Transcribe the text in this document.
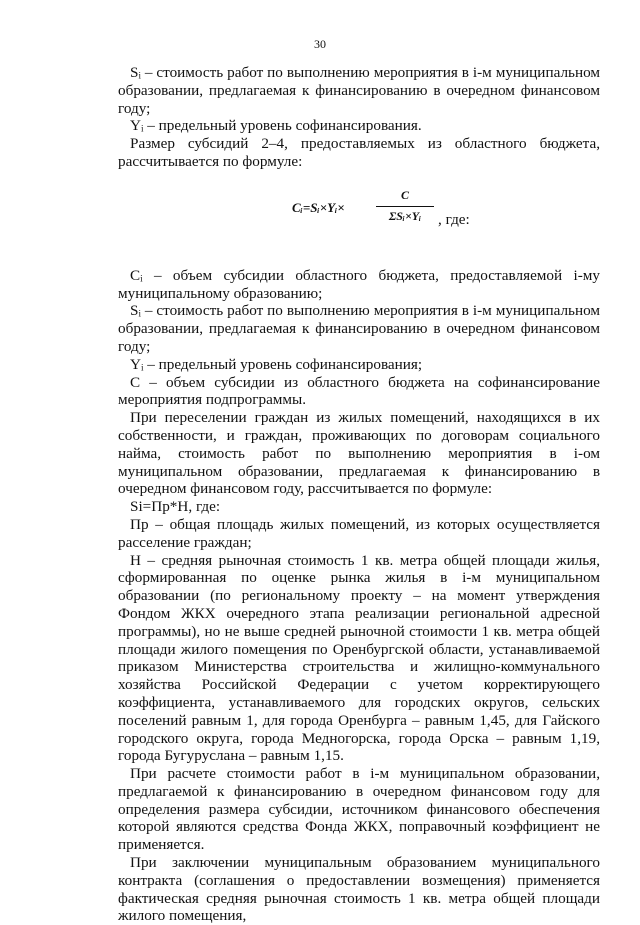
30

Sᵢ – стоимость работ по выполнению мероприятия в i-м муниципальном образовании, предлагаемая к финансированию в очередном финансовом году;

Yᵢ – предельный уровень софинансирования.

Размер субсидий 2–4, предоставляемых из областного бюджета, рассчитывается по формуле:

Cᵢ=Sᵢ×Yᵢ×
C
ΣSᵢ×Yᵢ	, где:

Cᵢ – объем субсидии областного бюджета, предоставляемой i-му муниципальному образованию;

Sᵢ – стоимость работ по выполнению мероприятия в i-м муниципальном образовании, предлагаемая к финансированию в очередном финансовом году;

Yᵢ – предельный уровень софинансирования;

С – объем субсидии из областного бюджета на софинансирование мероприятия подпрограммы.

При переселении граждан из жилых помещений, находящихся в их собственности, и граждан, проживающих по договорам социального найма, стоимость работ по выполнению мероприятия в i-ом муниципальном образовании, предлагаемая к финансированию в очередном финансовом году, рассчитывается по формуле:

Si=Пр*Н, где:

Пр – общая площадь жилых помещений, из которых осуществляется расселение граждан;

Н – средняя рыночная стоимость 1 кв. метра общей площади жилья, сформированная по оценке рынка жилья в i-м муниципальном образовании (по региональному проекту – на момент утверждения Фондом ЖКХ очередного этапа реализации региональной адресной программы), но не выше средней рыночной стоимости 1 кв. метра общей площади жилого помещения по Оренбургской области, устанавливаемой приказом Министерства строительства и жилищно-коммунального хозяйства Российской Федерации с учетом корректирующего коэффициента, устанавливаемого для городских округов, сельских поселений равным 1, для города Оренбурга – равным 1,45, для Гайского городского округа, города Медногорска, города Орска – равным 1,19, города Бугуруслана – равным 1,15.

При расчете стоимости работ в i-м муниципальном образовании, предлагаемой к финансированию в очередном финансовом году для определения размера субсидии, источником финансового обеспечения которой являются средства Фонда ЖКХ, поправочный коэффициент не применяется.

При заключении муниципальным образованием муниципального контракта (соглашения о предоставлении возмещения) применяется фактическая средняя рыночная стоимость 1 кв. метра общей площади жилого помещения,
